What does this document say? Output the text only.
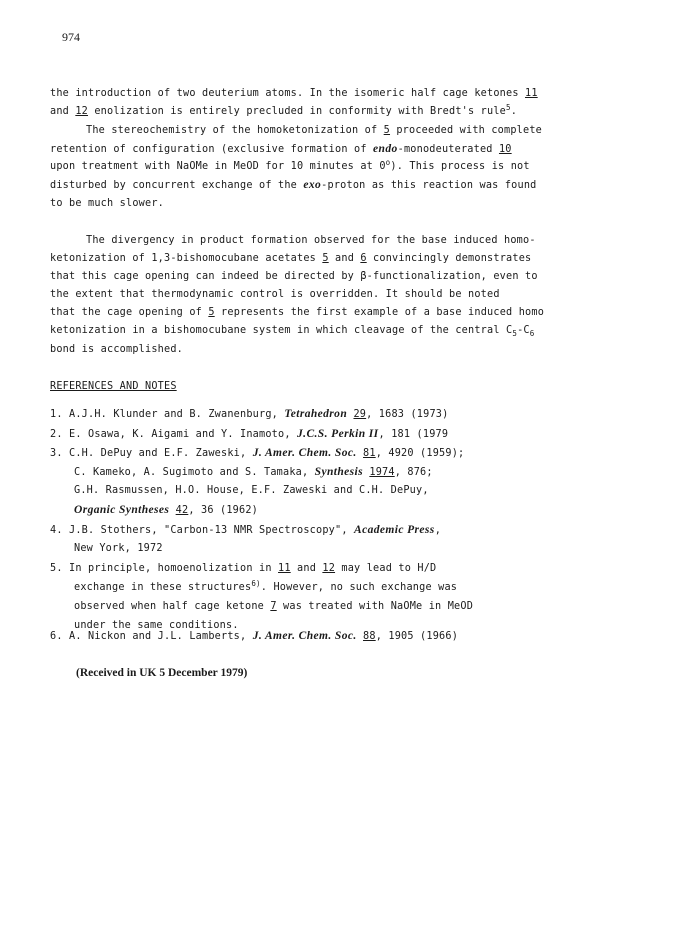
974
the introduction of two deuterium atoms. In the isomeric half cage ketones 11
and 12 enolization is entirely precluded in conformity with Bredt's rule$^5$.
The stereochemistry of the homoketonization of 5 proceeded with complete
retention of configuration (exclusive formation of endo-monodeuterated 10
upon treatment with NaOMe in MeOD for 10 minutes at 0$^o$). This process is not
disturbed by concurrent exchange of the exo-proton as this reaction was found
to be much slower.
The divergency in product formation observed for the base induced homo-
ketonization of 1,3-bishomocubane acetates 5 and 6 convincingly demonstrates
that this cage opening can indeed be directed by β-functionalization, even to
the extent that thermodynamic control is overridden. It should be noted
that the cage opening of 5 represents the first example of a base induced homo
ketonization in a bishomocubane system in which cleavage of the central $C_5-C_6$
bond is accomplished.
REFERENCES AND NOTES
1. A.J.H. Klunder and B. Zwanenburg, Tetrahedron 29, 1683 (1973)
2. E. Osawa, K. Aigami and Y. Inamoto, J.C.S. Perkin II, 181 (1979
3. C.H. DePuy and E.F. Zaweski, J. Amer. Chem. Soc. 81, 4920 (1959);
C. Kameko, A. Sugimoto and S. Tamaka, Synthesis 1974, 876;
G.H. Rasmussen, H.O. House, E.F. Zaweski and C.H. DePuy,
Organic Syntheses 42, 36 (1962)
4. J.B. Stothers, "Carbon-13 NMR Spectroscopy", Academic Press,
New York, 1972
5. In principle, homoenolization in 11 and 12 may lead to H/D
exchange in these structures$^{6)}$. However, no such exchange was
observed when half cage ketone 7 was treated with NaOMe in MeOD
under the same conditions.
6. A. Nickon and J.L. Lamberts, J. Amer. Chem. Soc. 88, 1905 (1966)
(Received in UK 5 December 1979)
